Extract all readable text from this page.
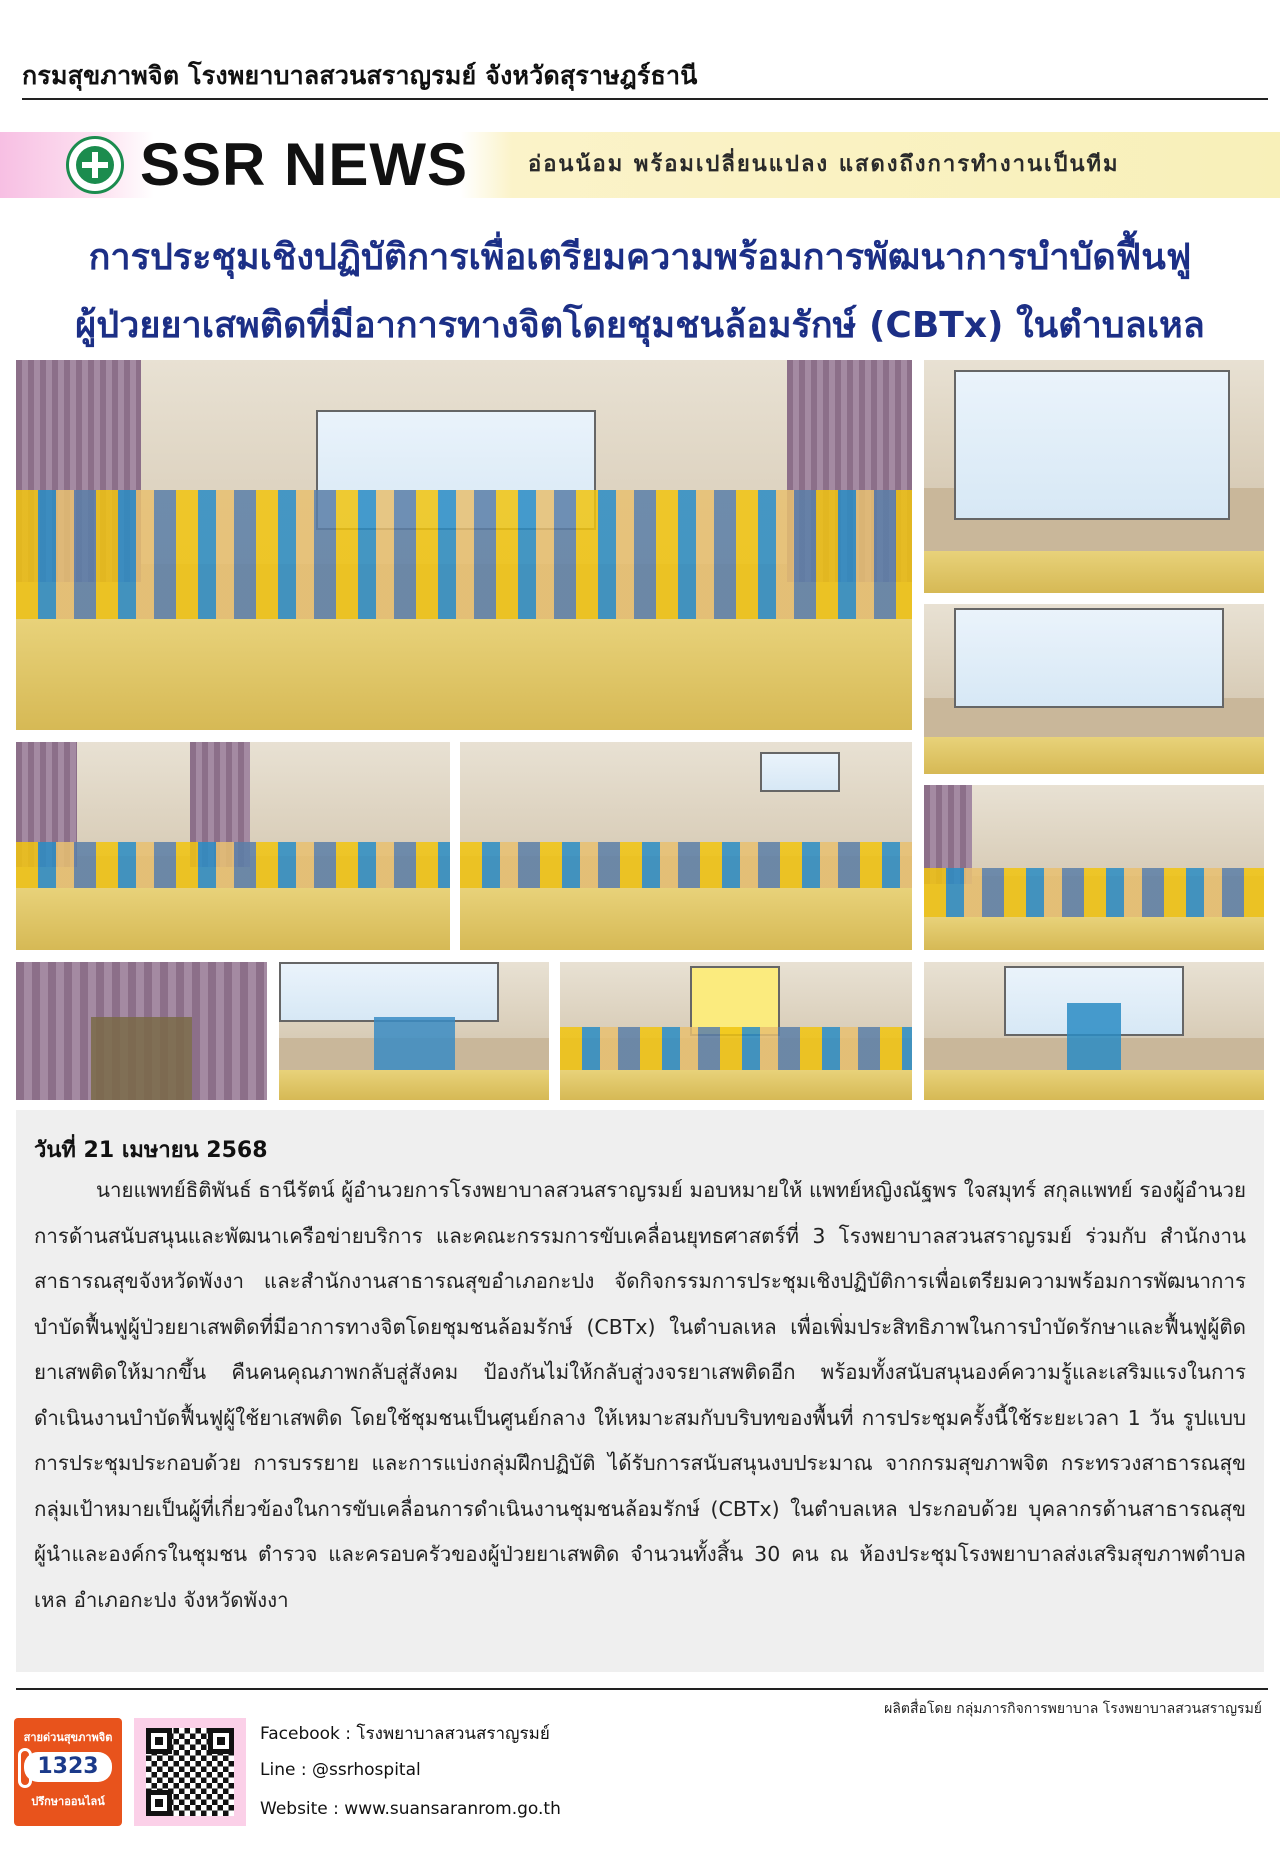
กรมสุขภาพจิต โรงพยาบาลสวนสราญรมย์ จังหวัดสุราษฎร์ธานี
SSR NEWS	อ่อนน้อม พร้อมเปลี่ยนแปลง แสดงถึงการทำงานเป็นทีม
การประชุมเชิงปฏิบัติการเพื่อเตรียมความพร้อมการพัฒนาการบำบัดฟื้นฟู
ผู้ป่วยยาเสพติดที่มีอาการทางจิตโดยชุมชนล้อมรักษ์ (CBTx) ในตำบลเหล
วันที่ 21 เมษายน 2568
นายแพทย์ธิติพันธ์ ธานีรัตน์ ผู้อำนวยการโรงพยาบาลสวนสราญรมย์ มอบหมายให้ แพทย์หญิงณัฐพร ใจสมุทร์ สกุลแพทย์ รองผู้อำนวยการด้านสนับสนุนและพัฒนาเครือข่ายบริการ และคณะกรรมการขับเคลื่อนยุทธศาสตร์ที่ 3 โรงพยาบาลสวนสราญรมย์ ร่วมกับ สำนักงานสาธารณสุขจังหวัดพังงา และสำนักงานสาธารณสุขอำเภอกะปง จัดกิจกรรมการประชุมเชิงปฏิบัติการเพื่อเตรียมความพร้อมการพัฒนาการบำบัดฟื้นฟูผู้ป่วยยาเสพติดที่มีอาการทางจิตโดยชุมชนล้อมรักษ์ (CBTx) ในตำบลเหล เพื่อเพิ่มประสิทธิภาพในการบำบัดรักษาและฟื้นฟูผู้ติดยาเสพติดให้มากขึ้น คืนคนคุณภาพกลับสู่สังคม ป้องกันไม่ให้กลับสู่วงจรยาเสพติดอีก พร้อมทั้งสนับสนุนองค์ความรู้และเสริมแรงในการดำเนินงานบำบัดฟื้นฟูผู้ใช้ยาเสพติด โดยใช้ชุมชนเป็นศูนย์กลาง ให้เหมาะสมกับบริบทของพื้นที่ การประชุมครั้งนี้ใช้ระยะเวลา 1 วัน รูปแบบการประชุมประกอบด้วย การบรรยาย และการแบ่งกลุ่มฝึกปฏิบัติ ได้รับการสนับสนุนงบประมาณ จากกรมสุขภาพจิต กระทรวงสาธารณสุข กลุ่มเป้าหมายเป็นผู้ที่เกี่ยวข้องในการขับเคลื่อนการดำเนินงานชุมชนล้อมรักษ์ (CBTx) ในตำบลเหล ประกอบด้วย บุคลากรด้านสาธารณสุข ผู้นำและองค์กรในชุมชน ตำรวจ และครอบครัวของผู้ป่วยยาเสพติด จำนวนทั้งสิ้น 30 คน ณ ห้องประชุมโรงพยาบาลส่งเสริมสุขภาพตำบลเหล อำเภอกะปง จังหวัดพังงา
ผลิตสื่อโดย กลุ่มภารกิจการพยาบาล โรงพยาบาลสวนสราญรมย์
สายด่วนสุขภาพจิต
1323
ปรึกษาออนไลน์
Facebook : โรงพยาบาลสวนสราญรมย์
Line : @ssrhospital
Website : www.suansaranrom.go.th
